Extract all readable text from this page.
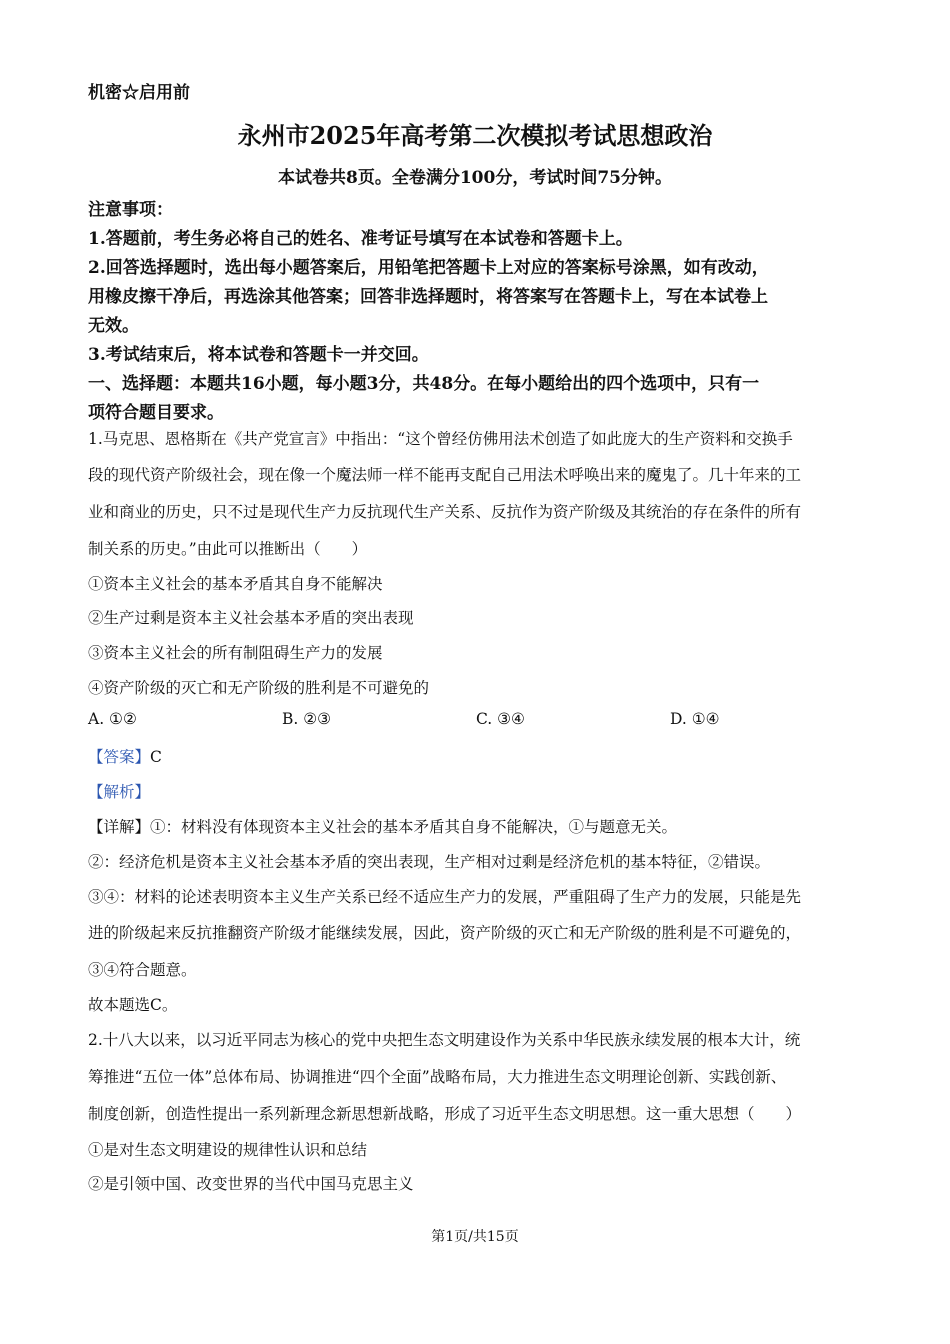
机密☆启用前
永州市2025年高考第二次模拟考试思想政治
本试卷共8页。全卷满分100分，考试时间75分钟。
注意事项：
1.答题前，考生务必将自己的姓名、准考证号填写在本试卷和答题卡上。
2.回答选择题时，选出每小题答案后，用铅笔把答题卡上对应的答案标号涂黑，如有改动，
用橡皮擦干净后，再选涂其他答案；回答非选择题时，将答案写在答题卡上，写在本试卷上
无效。
3.考试结束后，将本试卷和答题卡一并交回。
一、选择题：本题共16小题，每小题3分，共48分。在每小题给出的四个选项中，只有一
项符合题目要求。
1.马克思、恩格斯在《共产党宣言》中指出：“这个曾经仿佛用法术创造了如此庞大的生产资料和交换手
段的现代资产阶级社会，现在像一个魔法师一样不能再支配自己用法术呼唤出来的魔鬼了。几十年来的工
业和商业的历史，只不过是现代生产力反抗现代生产关系、反抗作为资产阶级及其统治的存在条件的所有
制关系的历史。”由此可以推断出（　　）
①资本主义社会的基本矛盾其自身不能解决
②生产过剩是资本主义社会基本矛盾的突出表现
③资本主义社会的所有制阻碍生产力的发展
④资产阶级的灭亡和无产阶级的胜利是不可避免的
A. ①②	B. ②③	C. ③④	D. ①④
【答案】C
【解析】
【详解】①：材料没有体现资本主义社会的基本矛盾其自身不能解决，①与题意无关。
②：经济危机是资本主义社会基本矛盾的突出表现，生产相对过剩是经济危机的基本特征，②错误。
③④：材料的论述表明资本主义生产关系已经不适应生产力的发展，严重阻碍了生产力的发展，只能是先
进的阶级起来反抗推翻资产阶级才能继续发展，因此，资产阶级的灭亡和无产阶级的胜利是不可避免的，
③④符合题意。
故本题选C。
2.十八大以来，以习近平同志为核心的党中央把生态文明建设作为关系中华民族永续发展的根本大计，统
筹推进“五位一体”总体布局、协调推进“四个全面”战略布局，大力推进生态文明理论创新、实践创新、
制度创新，创造性提出一系列新理念新思想新战略，形成了习近平生态文明思想。这一重大思想（　　）
①是对生态文明建设的规律性认识和总结
②是引领中国、改变世界的当代中国马克思主义
第1页/共15页
